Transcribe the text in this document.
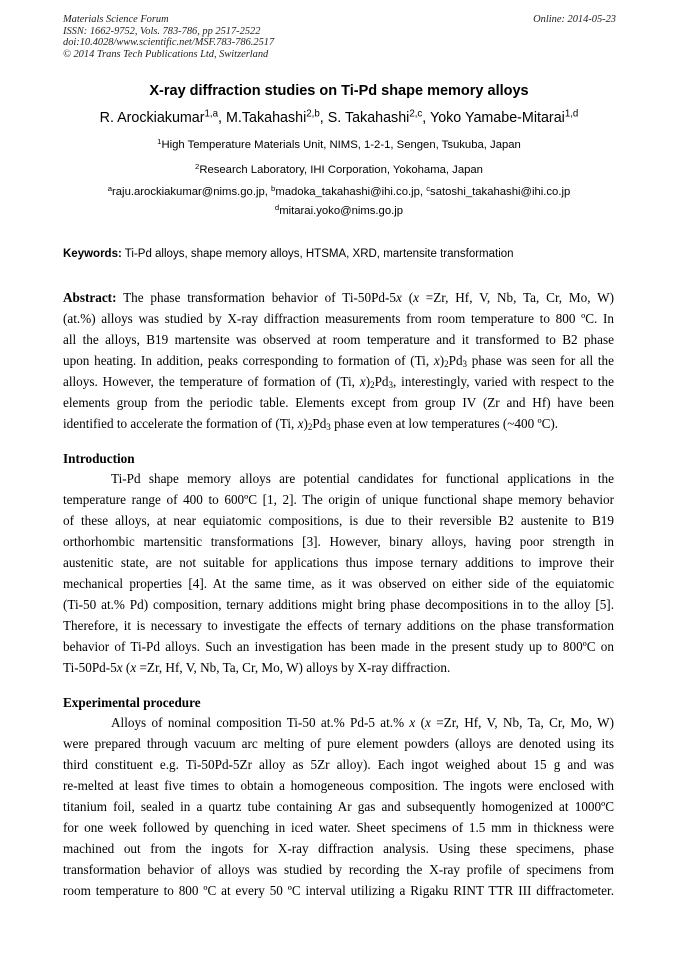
Materials Science Forum
ISSN: 1662-9752, Vols. 783-786, pp 2517-2522
doi:10.4028/www.scientific.net/MSF.783-786.2517
© 2014 Trans Tech Publications Ltd, Switzerland
Online: 2014-05-23
X-ray diffraction studies on Ti-Pd shape memory alloys
R. Arockiakumar$^{1,a}$, M.Takahashi$^{2,b}$, S. Takahashi$^{2,c}$, Yoko Yamabe-Mitarai$^{1,d}$
$^1$High Temperature Materials Unit, NIMS, 1-2-1, Sengen, Tsukuba, Japan
$^2$Research Laboratory, IHI Corporation, Yokohama, Japan
$^a$raju.arockiakumar@nims.go.jp, $^b$madoka_takahashi@ihi.co.jp, $^c$satoshi_takahashi@ihi.co.jp
$^d$mitarai.yoko@nims.go.jp
Keywords: Ti-Pd alloys, shape memory alloys, HTSMA, XRD, martensite transformation
Abstract: The phase transformation behavior of Ti-50Pd-5x (x =Zr, Hf, V, Nb, Ta, Cr, Mo, W)
(at.%) alloys was studied by X-ray diffraction measurements from room temperature to 800 ºC. In
all the alloys, B19 martensite was observed at room temperature and it transformed to B2 phase
upon heating. In addition, peaks corresponding to formation of (Ti, $x)_2Pd_3$ phase was seen for all the
alloys. However, the temperature of formation of (Ti, $x)_2Pd_3$, interestingly, varied with respect to the
elements group from the periodic table. Elements except from group IV (Zr and Hf) have been
identified to accelerate the formation of (Ti, $x)_2Pd_3$ phase even at low temperatures (~400 ºC).
Introduction
Ti-Pd shape memory alloys are potential candidates for functional applications in the
temperature range of 400 to 600ºC [1, 2]. The origin of unique functional shape memory behavior
of these alloys, at near equiatomic compositions, is due to their reversible B2 austenite to B19
orthorhombic martensitic transformations [3]. However, binary alloys, having poor strength in
austenitic state, are not suitable for applications thus impose ternary additions to improve their
mechanical properties [4]. At the same time, as it was observed on either side of the equiatomic
(Ti-50 at.% Pd) composition, ternary additions might bring phase decompositions in to the alloy [5].
Therefore, it is necessary to investigate the effects of ternary additions on the phase transformation
behavior of Ti-Pd alloys. Such an investigation has been made in the present study up to 800ºC on
Ti-50Pd-5x (x =Zr, Hf, V, Nb, Ta, Cr, Mo, W) alloys by X-ray diffraction.
Experimental procedure
Alloys of nominal composition Ti-50 at.% Pd-5 at.% x (x =Zr, Hf, V, Nb, Ta, Cr, Mo, W)
were prepared through vacuum arc melting of pure element powders (alloys are denoted using its
third constituent e.g. Ti-50Pd-5Zr alloy as 5Zr alloy). Each ingot weighed about 15 g and was
re-melted at least five times to obtain a homogeneous composition. The ingots were enclosed with
titanium foil, sealed in a quartz tube containing Ar gas and subsequently homogenized at 1000ºC
for one week followed by quenching in iced water. Sheet specimens of 1.5 mm in thickness were
machined out from the ingots for X-ray diffraction analysis. Using these specimens, phase
transformation behavior of alloys was studied by recording the X-ray profile of specimens from
room temperature to 800 ºC at every 50 ºC interval utilizing a Rigaku RINT TTR III diffractometer.
